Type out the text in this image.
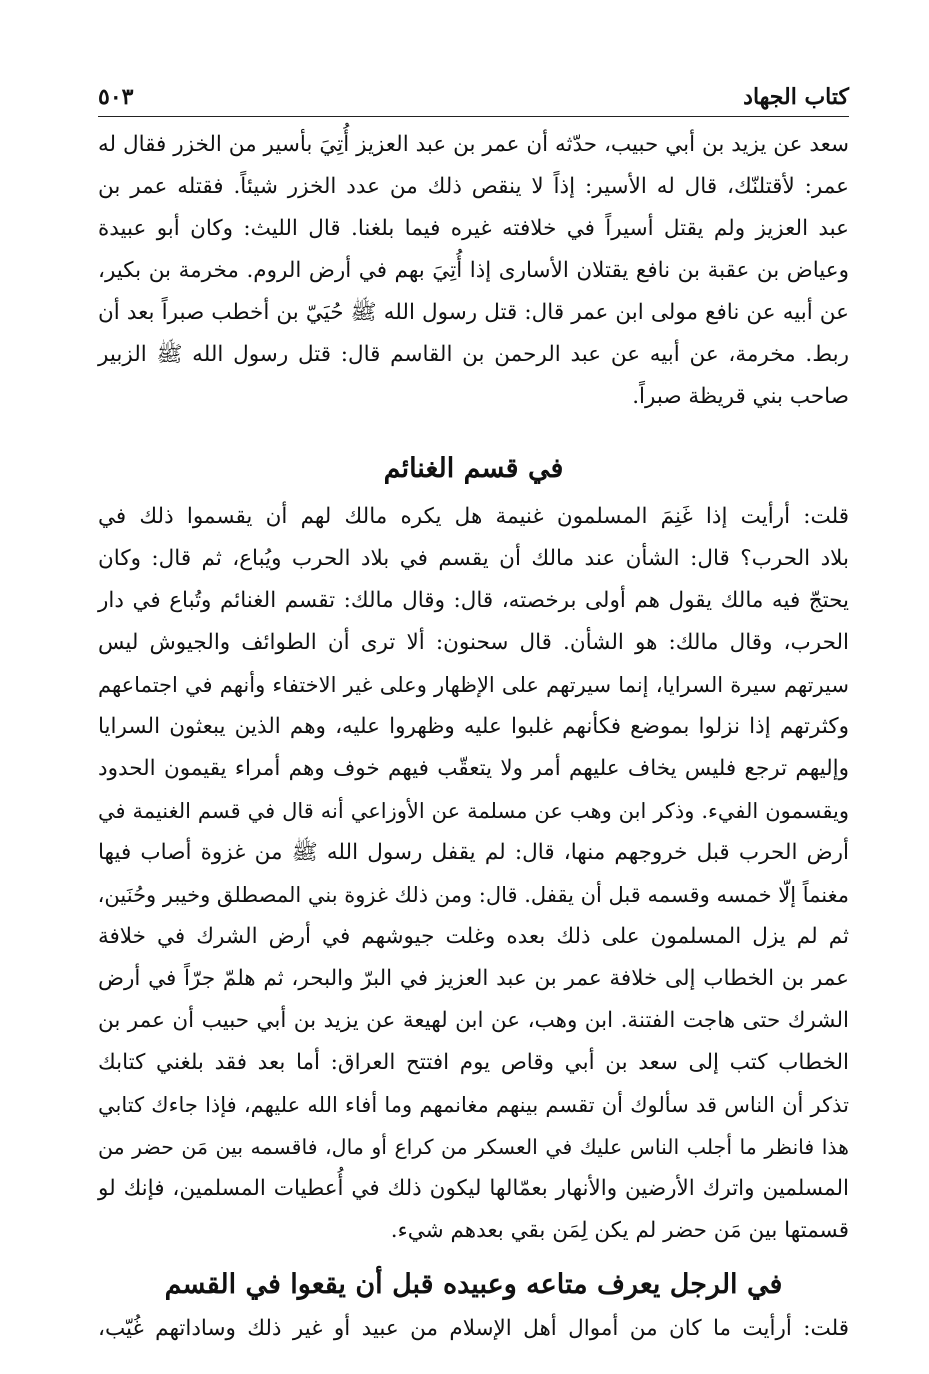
كتاب الجهاد
٥٠٣
سعد عن يزيد بن أبي حبيب، حدّثه أن عمر بن عبد العزيز أُتِيَ بأسير من الخزر فقال له
عمر: لأقتلنّك، قال له الأسير: إذاً لا ينقص ذلك من عدد الخزر شيئاً. فقتله عمر بن
عبد العزيز ولم يقتل أسيراً في خلافته غيره فيما بلغنا. قال الليث: وكان أبو عبيدة
وعياض بن عقبة بن نافع يقتلان الأسارى إذا أُتِيَ بهم في أرض الروم. مخرمة بن بكير،
عن أبيه عن نافع مولى ابن عمر قال: قتل رسول الله ﷺ حُيَيّ بن أخطب صبراً بعد أن
ربط. مخرمة، عن أبيه عن عبد الرحمن بن القاسم قال: قتل رسول الله ﷺ الزبير
صاحب بني قريظة صبراً.
في قسم الغنائم
قلت: أرأيت إذا غَنِمَ المسلمون غنيمة هل يكره مالك لهم أن يقسموا ذلك في
بلاد الحرب؟ قال: الشأن عند مالك أن يقسم في بلاد الحرب ويُباع، ثم قال: وكان
يحتجّ فيه مالك يقول هم أولى برخصته، قال: وقال مالك: تقسم الغنائم وتُباع في دار
الحرب، وقال مالك: هو الشأن. قال سحنون: ألا ترى أن الطوائف والجيوش ليس
سيرتهم سيرة السرايا، إنما سيرتهم على الإظهار وعلى غير الاختفاء وأنهم في اجتماعهم
وكثرتهم إذا نزلوا بموضع فكأنهم غلبوا عليه وظهروا عليه، وهم الذين يبعثون السرايا
وإليهم ترجع فليس يخاف عليهم أمر ولا يتعقّب فيهم خوف وهم أمراء يقيمون الحدود
ويقسمون الفيء. وذكر ابن وهب عن مسلمة عن الأوزاعي أنه قال في قسم الغنيمة في
أرض الحرب قبل خروجهم منها، قال: لم يقفل رسول الله ﷺ من غزوة أصاب فيها
مغنماً إلّا خمسه وقسمه قبل أن يقفل. قال: ومن ذلك غزوة بني المصطلق وخيبر وحُنَين،
ثم لم يزل المسلمون على ذلك بعده وغلت جيوشهم في أرض الشرك في خلافة
عمر بن الخطاب إلى خلافة عمر بن عبد العزيز في البرّ والبحر، ثم هلمّ جرّاً في أرض
الشرك حتى هاجت الفتنة. ابن وهب، عن ابن لهيعة عن يزيد بن أبي حبيب أن عمر بن
الخطاب كتب إلى سعد بن أبي وقاص يوم افتتح العراق: أما بعد فقد بلغني كتابك
تذكر أن الناس قد سألوك أن تقسم بينهم مغانمهم وما أفاء الله عليهم، فإذا جاءك كتابي
هذا فانظر ما أجلب الناس عليك في العسكر من كراع أو مال، فاقسمه بين مَن حضر من
المسلمين واترك الأرضين والأنهار بعمّالها ليكون ذلك في أُعطيات المسلمين، فإنك لو
قسمتها بين مَن حضر لم يكن لِمَن بقي بعدهم شيء.
في الرجل يعرف متاعه وعبيده قبل أن يقعوا في القسم
قلت: أرأيت ما كان من أموال أهل الإسلام من عبيد أو غير ذلك وساداتهم غُيّب،
